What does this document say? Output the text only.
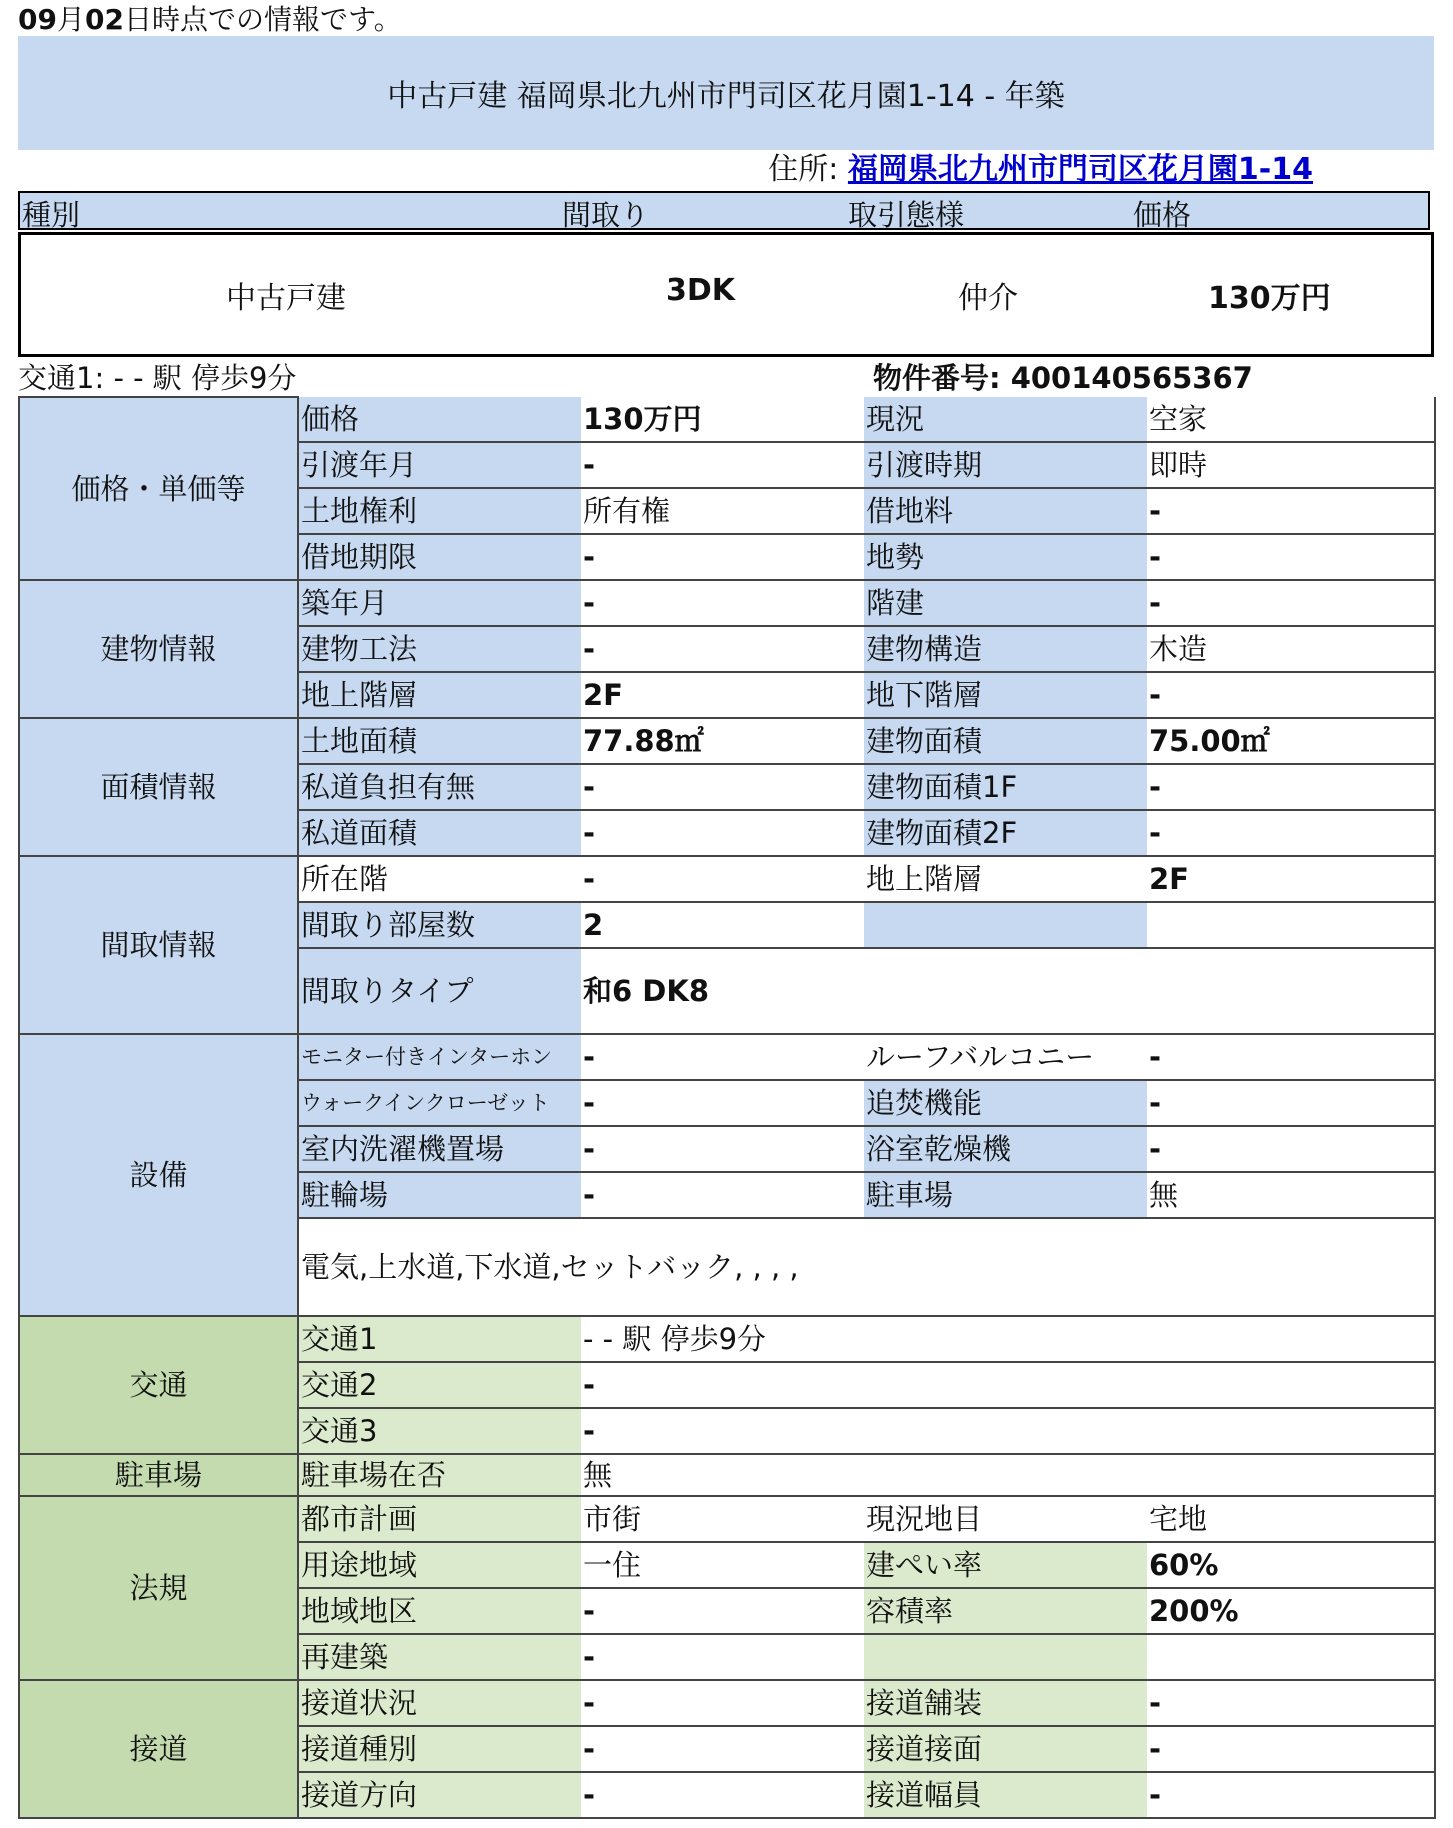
09月02日時点での情報です。
中古戸建 福岡県北九州市門司区花月園1-14 - 年築
住所: 福岡県北九州市門司区花月園1-14
種別	間取り	取引態様	価格
中古戸建	3DK	仲介	130万円
交通1: - - 駅 停歩9分	物件番号: 400140565367
価格・単価等	価格	130万円	現況	空家
	引渡年月	-	引渡時期	即時
	土地権利	所有権	借地料	-
	借地期限	-	地勢	-
建物情報	築年月	-	階建	-
	建物工法	-	建物構造	木造
	地上階層	2F	地下階層	-
面積情報	土地面積	77.88㎡	建物面積	75.00㎡
	私道負担有無	-	建物面積1F	-
	私道面積	-	建物面積2F	-
間取情報	所在階	-	地上階層	2F
	間取り部屋数	2		
	間取りタイプ	和6 DK8		
設備	モニター付きインターホン	-	ルーフバルコニー	-
	ウォークインクローゼット	-	追焚機能	-
	室内洗濯機置場	-	浴室乾燥機	-
	駐輪場	-	駐車場	無
	電気,上水道,下水道,セットバック, , , ,			
交通	交通1	- - 駅 停歩9分		
	交通2	-		
	交通3	-		
駐車場	駐車場在否	無		
法規	都市計画	市街	現況地目	宅地
	用途地域	一住	建ぺい率	60%
	地域地区	-	容積率	200%
	再建築	-		
接道	接道状況	-	接道舗装	-
	接道種別	-	接道接面	-
	接道方向	-	接道幅員	-
